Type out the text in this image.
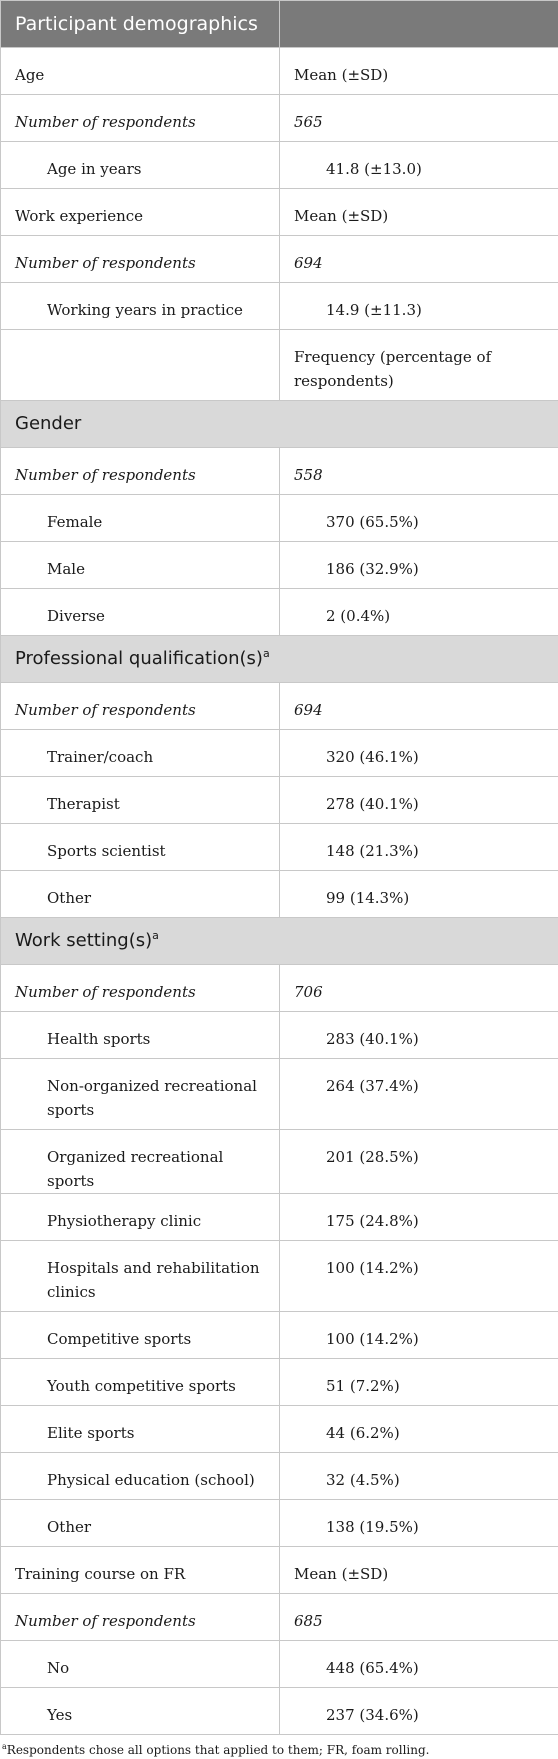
Participant demographics	
Age	Mean (±SD)
Number of respondents	565
Age in years	41.8 (±13.0)
Work experience	Mean (±SD)
Number of respondents	694
Working years in practice	14.9 (±11.3)
	Frequency (percentage of respondents)
Gender	
Number of respondents	558
Female	370 (65.5%)
Male	186 (32.9%)
Diverse	2 (0.4%)
Professional $qualification(s)^a$
Number of respondents	694
Trainer/coach	320 (46.1%)
Therapist	278 (40.1%)
Sports scientist	148 (21.3%)
Other	99 (14.3%)
Work $setting(s)^a$
Number of respondents	706
Health sports	283 (40.1%)
Non-organized recreational sports	264 (37.4%)
Organized recreational sports	201 (28.5%)
Physiotherapy clinic	175 (24.8%)
Hospitals and rehabilitation clinics	100 (14.2%)
Competitive sports	100 (14.2%)
Youth competitive sports	51 (7.2%)
Elite sports	44 (6.2%)
Physical education (school)	32 (4.5%)
Other	138 (19.5%)
Training course on FR	Mean (±SD)
Number of respondents	685
No	448 (65.4%)
Yes	237 (34.6%)
$^a$Respondents chose all options that applied to them; FR, foam rolling.
